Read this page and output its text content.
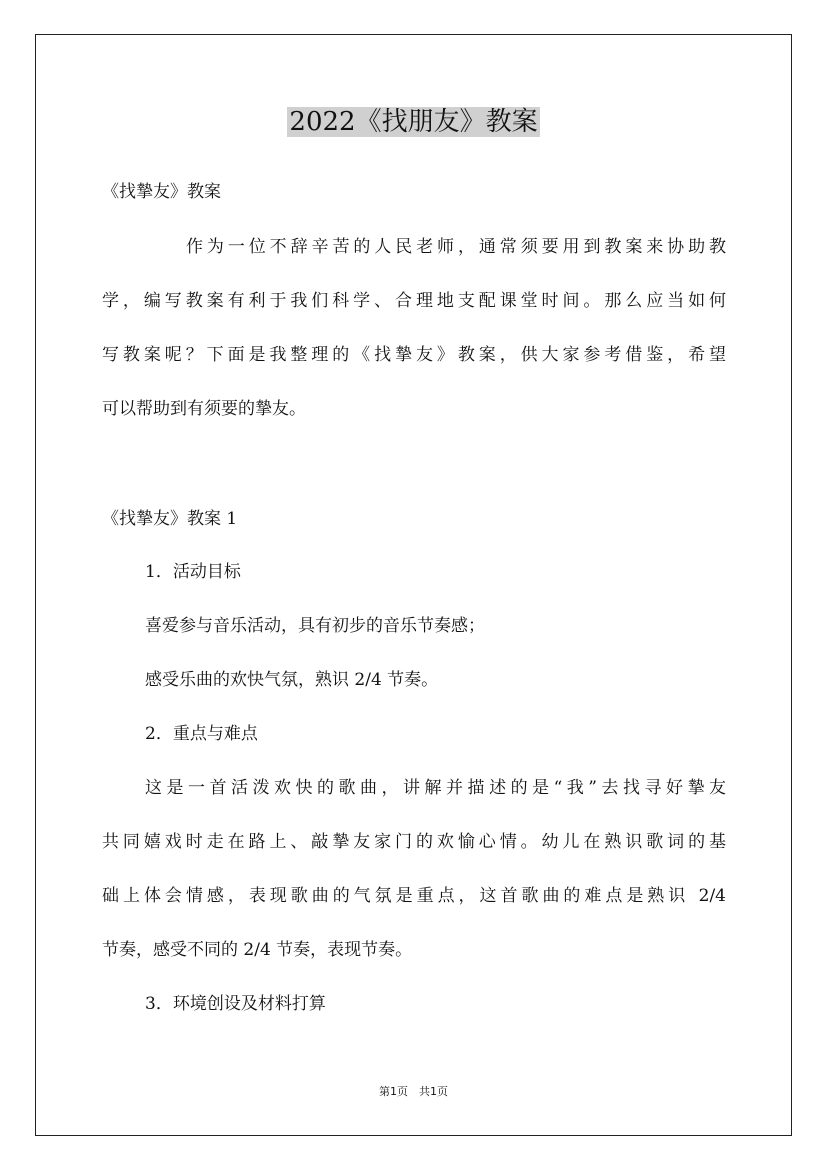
2022《找朋友》教案
《找摯友》教案
作为一位不辞辛苦的人民老师，通常须要用到教案来协助教
学，编写教案有利于我们科学、合理地支配课堂时间。那么应当如何
写教案呢？下面是我整理的《找摯友》教案，供大家参考借鉴，希望
可以帮助到有须要的摯友。
《找摯友》教案 1
1．活动目标
喜爱参与音乐活动，具有初步的音乐节奏感；
感受乐曲的欢快气氛，熟识 2/4 节奏。
2．重点与难点
这是一首活泼欢快的歌曲，讲解并描述的是“我”去找寻好摯友
共同嬉戏时走在路上、敲摯友家门的欢愉心情。幼儿在熟识歌词的基
础上体会情感，表现歌曲的气氛是重点，这首歌曲的难点是熟识 2/4
节奏，感受不同的 2/4 节奏，表现节奏。
3．环境创设及材料打算
第1页　共1页
